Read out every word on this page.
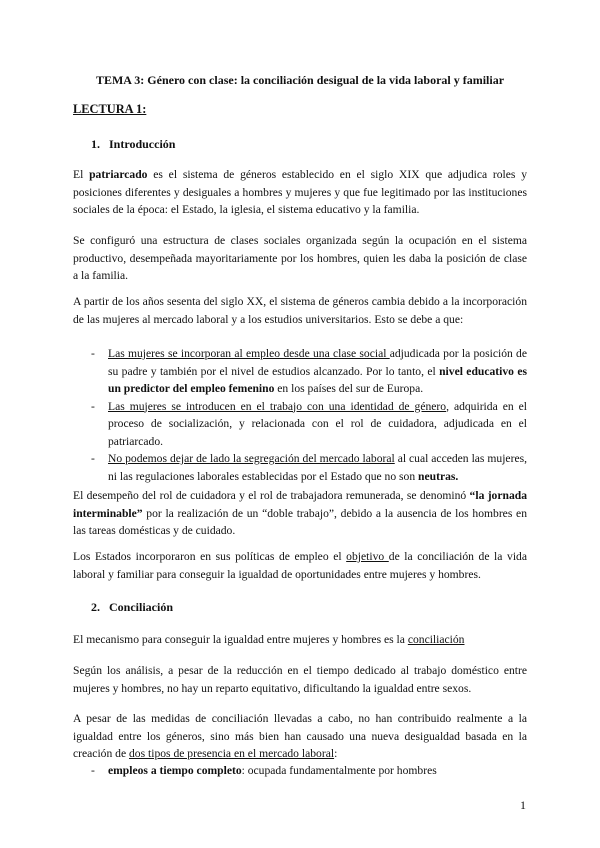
TEMA 3: Género con clase: la conciliación desigual de la vida laboral y familiar
LECTURA 1:
1. Introducción
El patriarcado es el sistema de géneros establecido en el siglo XIX que adjudica roles y posiciones diferentes y desiguales a hombres y mujeres y que fue legitimado por las instituciones sociales de la época: el Estado, la iglesia, el sistema educativo y la familia.
Se configuró una estructura de clases sociales organizada según la ocupación en el sistema productivo, desempeñada mayoritariamente por los hombres, quien les daba la posición de clase a la familia.
A partir de los años sesenta del siglo XX, el sistema de géneros cambia debido a la incorporación de las mujeres al mercado laboral y a los estudios universitarios. Esto se debe a que:
- Las mujeres se incorporan al empleo desde una clase social adjudicada por la posición de su padre y también por el nivel de estudios alcanzado. Por lo tanto, el nivel educativo es un predictor del empleo femenino en los países del sur de Europa.
- Las mujeres se introducen en el trabajo con una identidad de género, adquirida en el proceso de socialización, y relacionada con el rol de cuidadora, adjudicada en el patriarcado.
- No podemos dejar de lado la segregación del mercado laboral al cual acceden las mujeres, ni las regulaciones laborales establecidas por el Estado que no son neutras.
El desempeño del rol de cuidadora y el rol de trabajadora remunerada, se denominó “la jornada interminable” por la realización de un “doble trabajo”, debido a la ausencia de los hombres en las tareas domésticas y de cuidado.
Los Estados incorporaron en sus políticas de empleo el objetivo de la conciliación de la vida laboral y familiar para conseguir la igualdad de oportunidades entre mujeres y hombres.
2. Conciliación
El mecanismo para conseguir la igualdad entre mujeres y hombres es la conciliación
Según los análisis, a pesar de la reducción en el tiempo dedicado al trabajo doméstico entre mujeres y hombres, no hay un reparto equitativo, dificultando la igualdad entre sexos.
A pesar de las medidas de conciliación llevadas a cabo, no han contribuido realmente a la igualdad entre los géneros, sino más bien han causado una nueva desigualdad basada en la creación de dos tipos de presencia en el mercado laboral:
- empleos a tiempo completo: ocupada fundamentalmente por hombres
1
